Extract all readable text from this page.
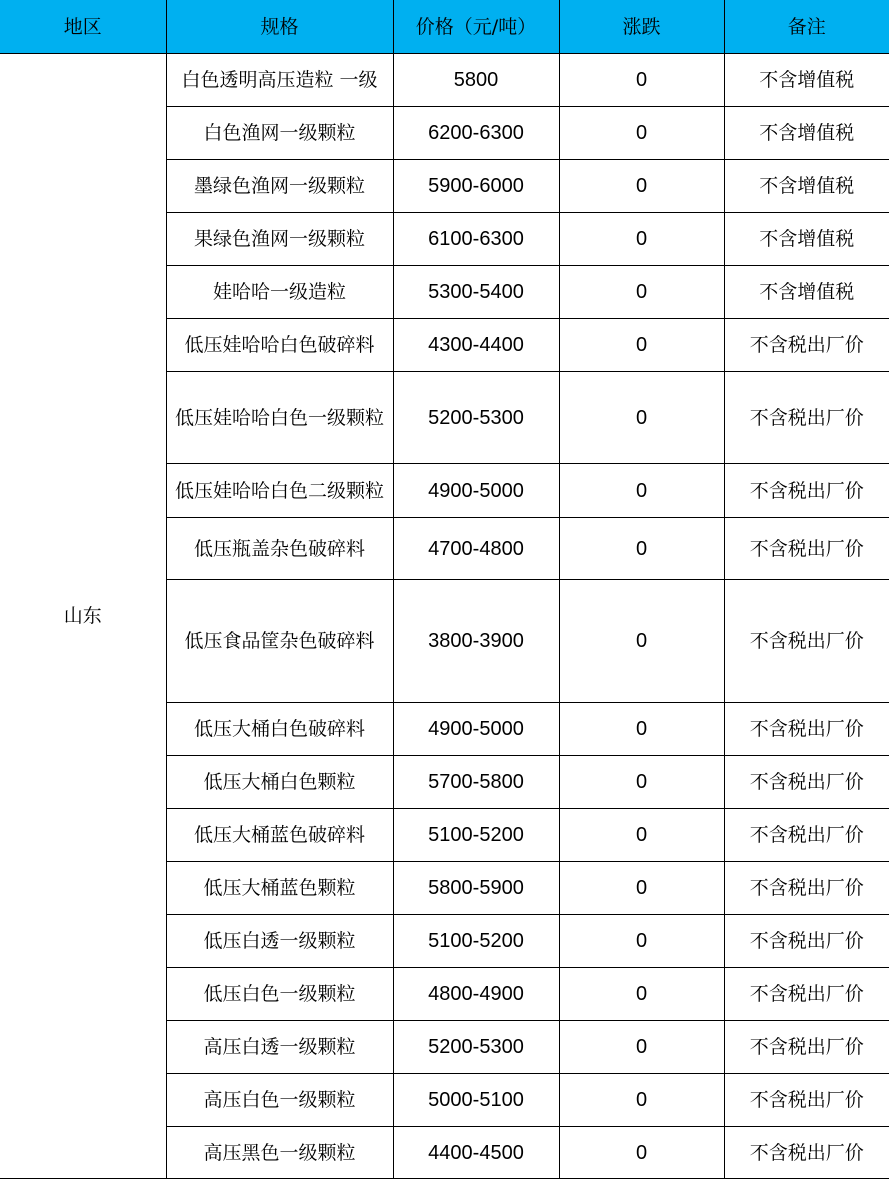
地区	规格	价格（元/吨）	涨跌	备注
山东	白色透明高压造粒 一级	5800	0	不含增值税
	白色渔网一级颗粒	6200-6300	0	不含增值税
	墨绿色渔网一级颗粒	5900-6000	0	不含增值税
	果绿色渔网一级颗粒	6100-6300	0	不含增值税
	娃哈哈一级造粒	5300-5400	0	不含增值税
	低压娃哈哈白色破碎料	4300-4400	0	不含税出厂价
	低压娃哈哈白色一级颗粒	5200-5300	0	不含税出厂价
	低压娃哈哈白色二级颗粒	4900-5000	0	不含税出厂价
	低压瓶盖杂色破碎料	4700-4800	0	不含税出厂价
	低压食品筐杂色破碎料	3800-3900	0	不含税出厂价
	低压大桶白色破碎料	4900-5000	0	不含税出厂价
	低压大桶白色颗粒	5700-5800	0	不含税出厂价
	低压大桶蓝色破碎料	5100-5200	0	不含税出厂价
	低压大桶蓝色颗粒	5800-5900	0	不含税出厂价
	低压白透一级颗粒	5100-5200	0	不含税出厂价
	低压白色一级颗粒	4800-4900	0	不含税出厂价
	高压白透一级颗粒	5200-5300	0	不含税出厂价
	高压白色一级颗粒	5000-5100	0	不含税出厂价
	高压黑色一级颗粒	4400-4500	0	不含税出厂价
